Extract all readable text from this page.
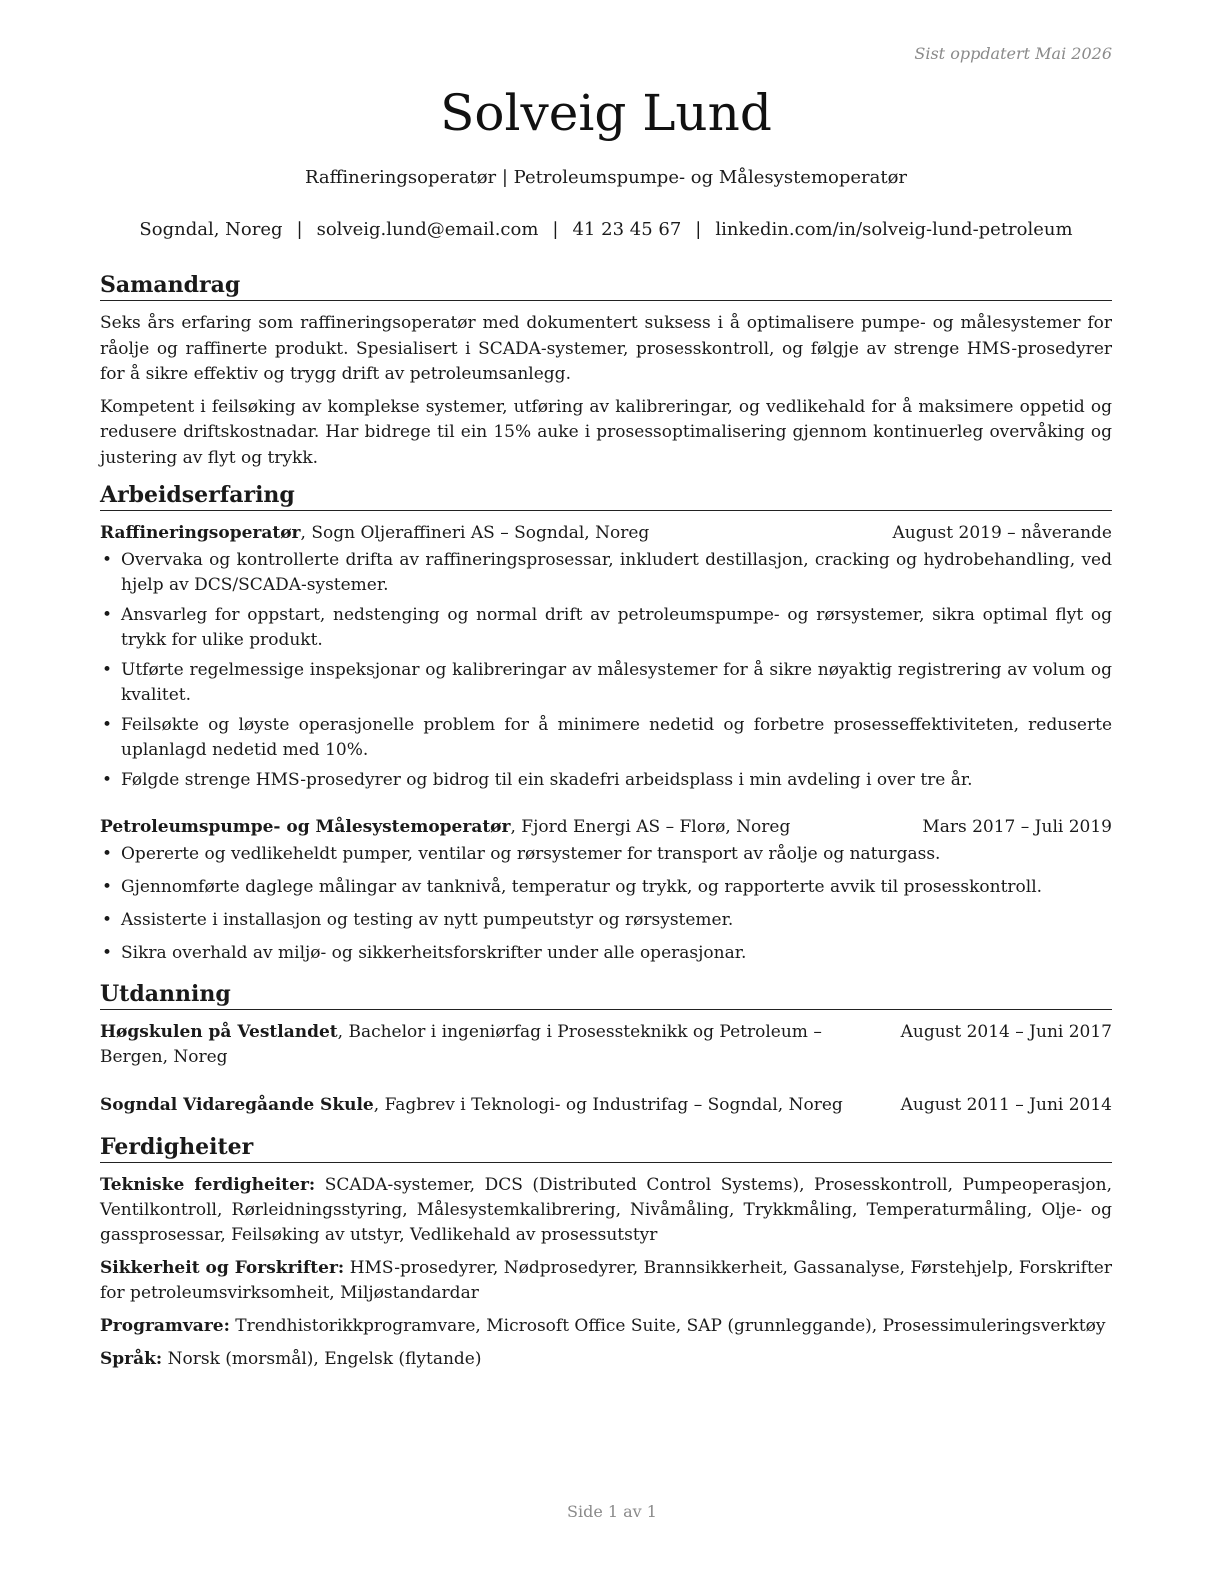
Sist oppdatert Mai 2026
Solveig Lund
Raffineringsoperatør | Petroleumspumpe- og Målesystemoperatør
Sogndal, Noreg | solveig.lund@email.com | 41 23 45 67 | linkedin.com/in/solveig-lund-petroleum
Samandrag

Seks års erfaring som raffineringsoperatør med dokumentert suksess i å optimalisere pumpe- og målesystemer for råolje og raffinerte produkt. Spesialisert i SCADA-systemer, prosesskontroll, og følgje av strenge HMS-prosedyrer for å sikre effektiv og trygg drift av petroleumsanlegg.

Kompetent i feilsøking av komplekse systemer, utføring av kalibreringar, og vedlikehald for å maksimere oppetid og redusere driftskostnadar. Har bidrege til ein 15% auke i prosessoptimalisering gjennom kontinuerleg overvåking og justering av flyt og trykk.

Arbeidserfaring
Raffineringsoperatør, Sogn Oljeraffineri AS – Sogndal, Noreg	August 2019 – nåverande
• Overvaka og kontrollerte drifta av raffineringsprosessar, inkludert destillasjon, cracking og hydrobehandling, ved hjelp av DCS/SCADA-systemer.
• Ansvarleg for oppstart, nedstenging og normal drift av petroleumspumpe- og rørsystemer, sikra optimal flyt og trykk for ulike produkt.
• Utførte regelmessige inspeksjonar og kalibreringar av målesystemer for å sikre nøyaktig registrering av volum og kvalitet.
• Feilsøkte og løyste operasjonelle problem for å minimere nedetid og forbetre prosesseffektiviteten, reduserte uplanlagd nedetid med 10%.
• Følgde strenge HMS-prosedyrer og bidrog til ein skadefri arbeidsplass i min avdeling i over tre år.
Petroleumspumpe- og Målesystemoperatør, Fjord Energi AS – Florø, Noreg	Mars 2017 – Juli 2019
• Opererte og vedlikeheldt pumper, ventilar og rørsystemer for transport av råolje og naturgass.
• Gjennomførte daglege målingar av tanknivå, temperatur og trykk, og rapporterte avvik til prosesskontroll.
• Assisterte i installasjon og testing av nytt pumpeutstyr og rørsystemer.
• Sikra overhald av miljø- og sikkerheitsforskrifter under alle operasjonar.
Utdanning
Høgskulen på Vestlandet, Bachelor i ingeniørfag i Prosessteknikk og Petroleum – Bergen, Noreg
August 2014 – Juni 2017
Sogndal Vidaregåande Skule, Fagbrev i Teknologi- og Industrifag – Sogndal, Noreg	August 2011 – Juni 2014
Ferdigheiter

Tekniske ferdigheiter: SCADA-systemer, DCS (Distributed Control Systems), Prosesskontroll, Pumpeoperasjon, Ventilkontroll, Rørleidningsstyring, Målesystemkalibrering, Nivåmåling, Trykkmåling, Temperaturmåling, Olje- og gassprosessar, Feilsøking av utstyr, Vedlikehald av prosessutstyr

Sikkerheit og Forskrifter: HMS-prosedyrer, Nødprosedyrer, Brannsikkerheit, Gassanalyse, Førstehjelp, Forskrifter for petroleumsvirksomheit, Miljøstandardar

Programvare: Trendhistorikkprogramvare, Microsoft Office Suite, SAP (grunnleggande), Prosessimuleringsverktøy

Språk: Norsk (morsmål), Engelsk (flytande)

Side 1 av 1
